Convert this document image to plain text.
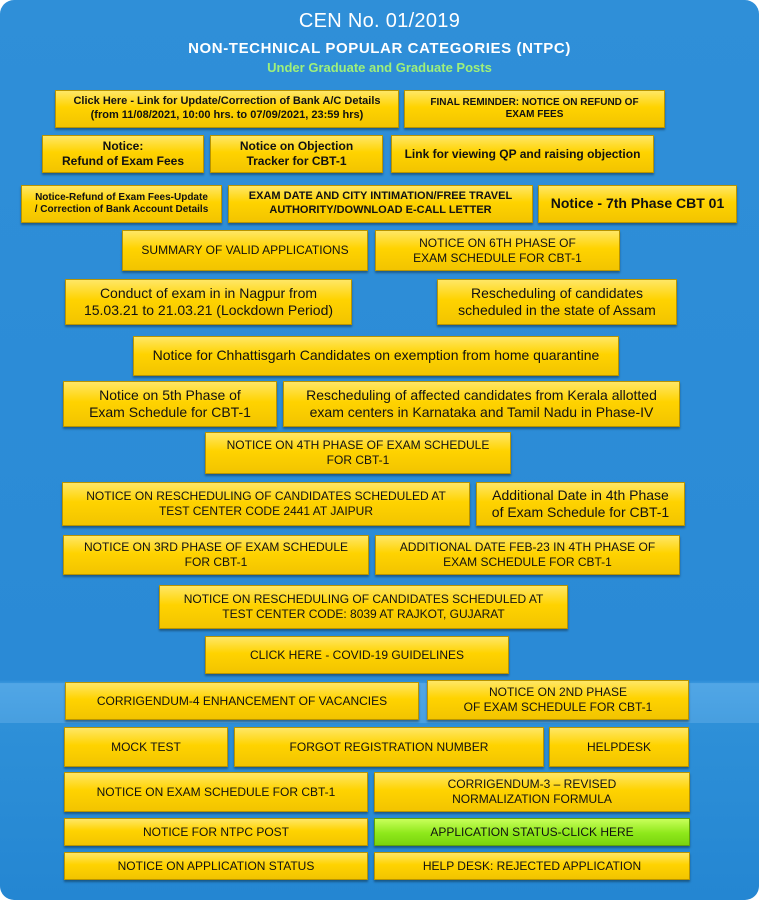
CEN No. 01/2019
NON-TECHNICAL POPULAR CATEGORIES (NTPC)
Under Graduate and Graduate Posts
Click Here - Link for Update/Correction of Bank A/C Details
(from 11/08/2021, 10:00 hrs. to 07/09/2021, 23:59 hrs)
FINAL REMINDER: NOTICE ON REFUND OF
EXAM FEES
Notice:
Refund of Exam Fees
Notice on Objection
Tracker for CBT-1
Link for viewing QP and raising objection
Notice-Refund of Exam Fees-Update
/ Correction of Bank Account Details
EXAM DATE AND CITY INTIMATION/FREE TRAVEL
AUTHORITY/DOWNLOAD E-CALL LETTER	Notice - 7th Phase CBT 01
SUMMARY OF VALID APPLICATIONS
NOTICE ON 6TH PHASE OF
EXAM SCHEDULE FOR CBT-1
Conduct of exam in in Nagpur from
15.03.21 to 21.03.21 (Lockdown Period)
Rescheduling of candidates
scheduled in the state of Assam
Notice for Chhattisgarh Candidates on exemption from home quarantine
Notice on 5th Phase of
Exam Schedule for CBT-1
Rescheduling of affected candidates from Kerala allotted
exam centers in Karnataka and Tamil Nadu in Phase-IV
NOTICE ON 4TH PHASE OF EXAM SCHEDULE
FOR CBT-1
NOTICE ON RESCHEDULING OF CANDIDATES SCHEDULED AT
TEST CENTER CODE 2441 AT JAIPUR
Additional Date in 4th Phase
of Exam Schedule for CBT-1
NOTICE ON 3RD PHASE OF EXAM SCHEDULE
FOR CBT-1
ADDITIONAL DATE FEB-23 IN 4TH PHASE OF
EXAM SCHEDULE FOR CBT-1
NOTICE ON RESCHEDULING OF CANDIDATES SCHEDULED AT
TEST CENTER CODE: 8039 AT RAJKOT, GUJARAT
CLICK HERE - COVID-19 GUIDELINES
CORRIGENDUM-4 ENHANCEMENT OF VACANCIES
NOTICE ON 2ND PHASE
OF EXAM SCHEDULE FOR CBT-1
MOCK TEST	FORGOT REGISTRATION NUMBER	HELPDESK
NOTICE ON EXAM SCHEDULE FOR CBT-1
CORRIGENDUM-3 – REVISED
NORMALIZATION FORMULA
NOTICE FOR NTPC POST	APPLICATION STATUS-CLICK HERE
NOTICE ON APPLICATION STATUS	HELP DESK: REJECTED APPLICATION
